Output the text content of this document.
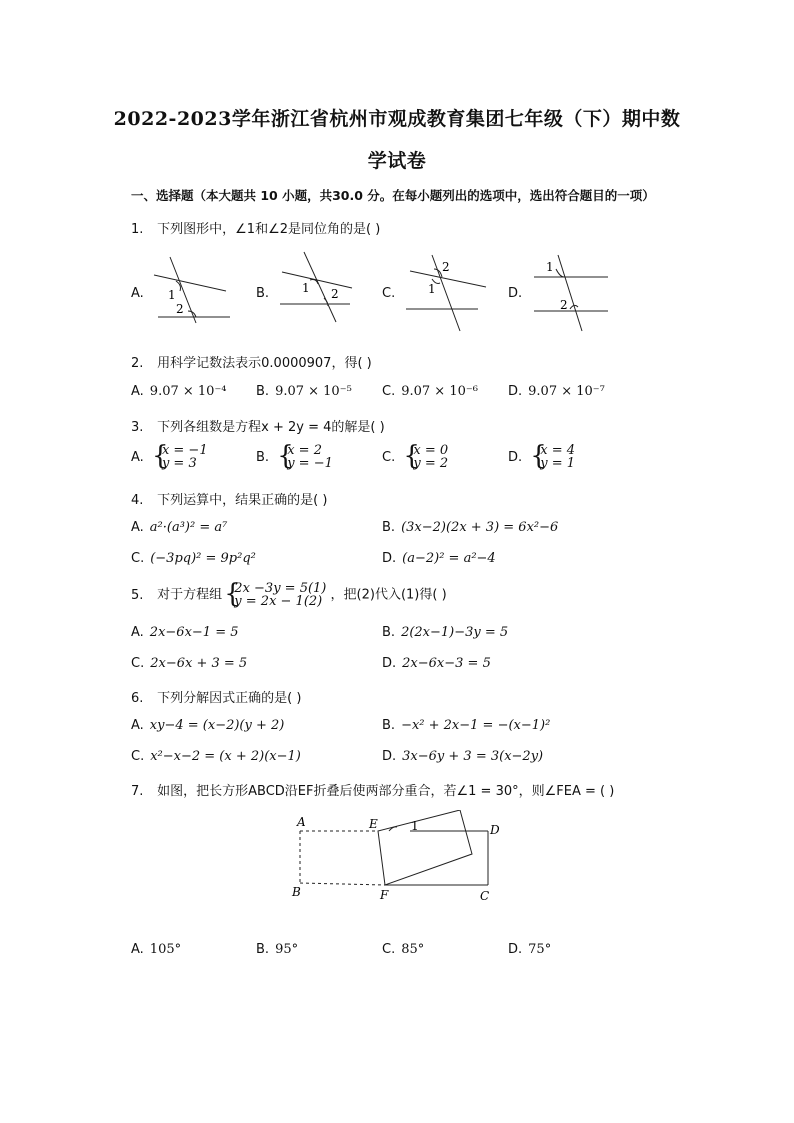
2022-2023学年浙江省杭州市观成教育集团七年级（下）期中数
学试卷
一、选择题（本大题共 10 小题，共30.0 分。在每小题列出的选项中，选出符合题目的一项）
1. 下列图形中，∠1和∠2是同位角的是( )
A.	1
2
B.	1 2	C.
2
1	D.
1
2
2. 用科学记数法表示0.0000907，得( )
A. 9.07 × 10⁻⁴ B. 9.07 × 10⁻⁵ C. 9.07 × 10⁻⁶ D. 9.07 × 10⁻⁷
3. 下列各组数是方程x + 2y = 4的解是( )
A. { x = −1
y = 3	B. { x = 2
y = −1	C. { x = 0
y = 2	D. { x = 4
y = 1
4. 下列运算中，结果正确的是( )
A. a²·(a³)² = a⁷	B. (3x−2)(2x + 3) = 6x²−6
C. (−3pq)² = 9p²q²	D. (a−2)² = a²−4
5. 对于方程组 { 2x −3y = 5(1)
y = 2x − 1(2) ，把(2)代入(1)得( )
A. 2x−6x−1 = 5	B. 2(2x−1)−3y = 5
C. 2x−6x + 3 = 5	D. 2x−6x−3 = 5
6. 下列分解因式正确的是( )
A. xy−4 = (x−2)(y + 2)	B. −x² + 2x−1 = −(x−1)²
C. x²−x−2 = (x + 2)(x−1)	D. 3x−6y + 3 = 3(x−2y)
7. 如图，把长方形ABCD沿EF折叠后使两部分重合，若∠1 = 30°，则∠FEA = ( )
A
B	C
D
E
F
1
A. 105°	B. 95°	C. 85°	D. 75°
